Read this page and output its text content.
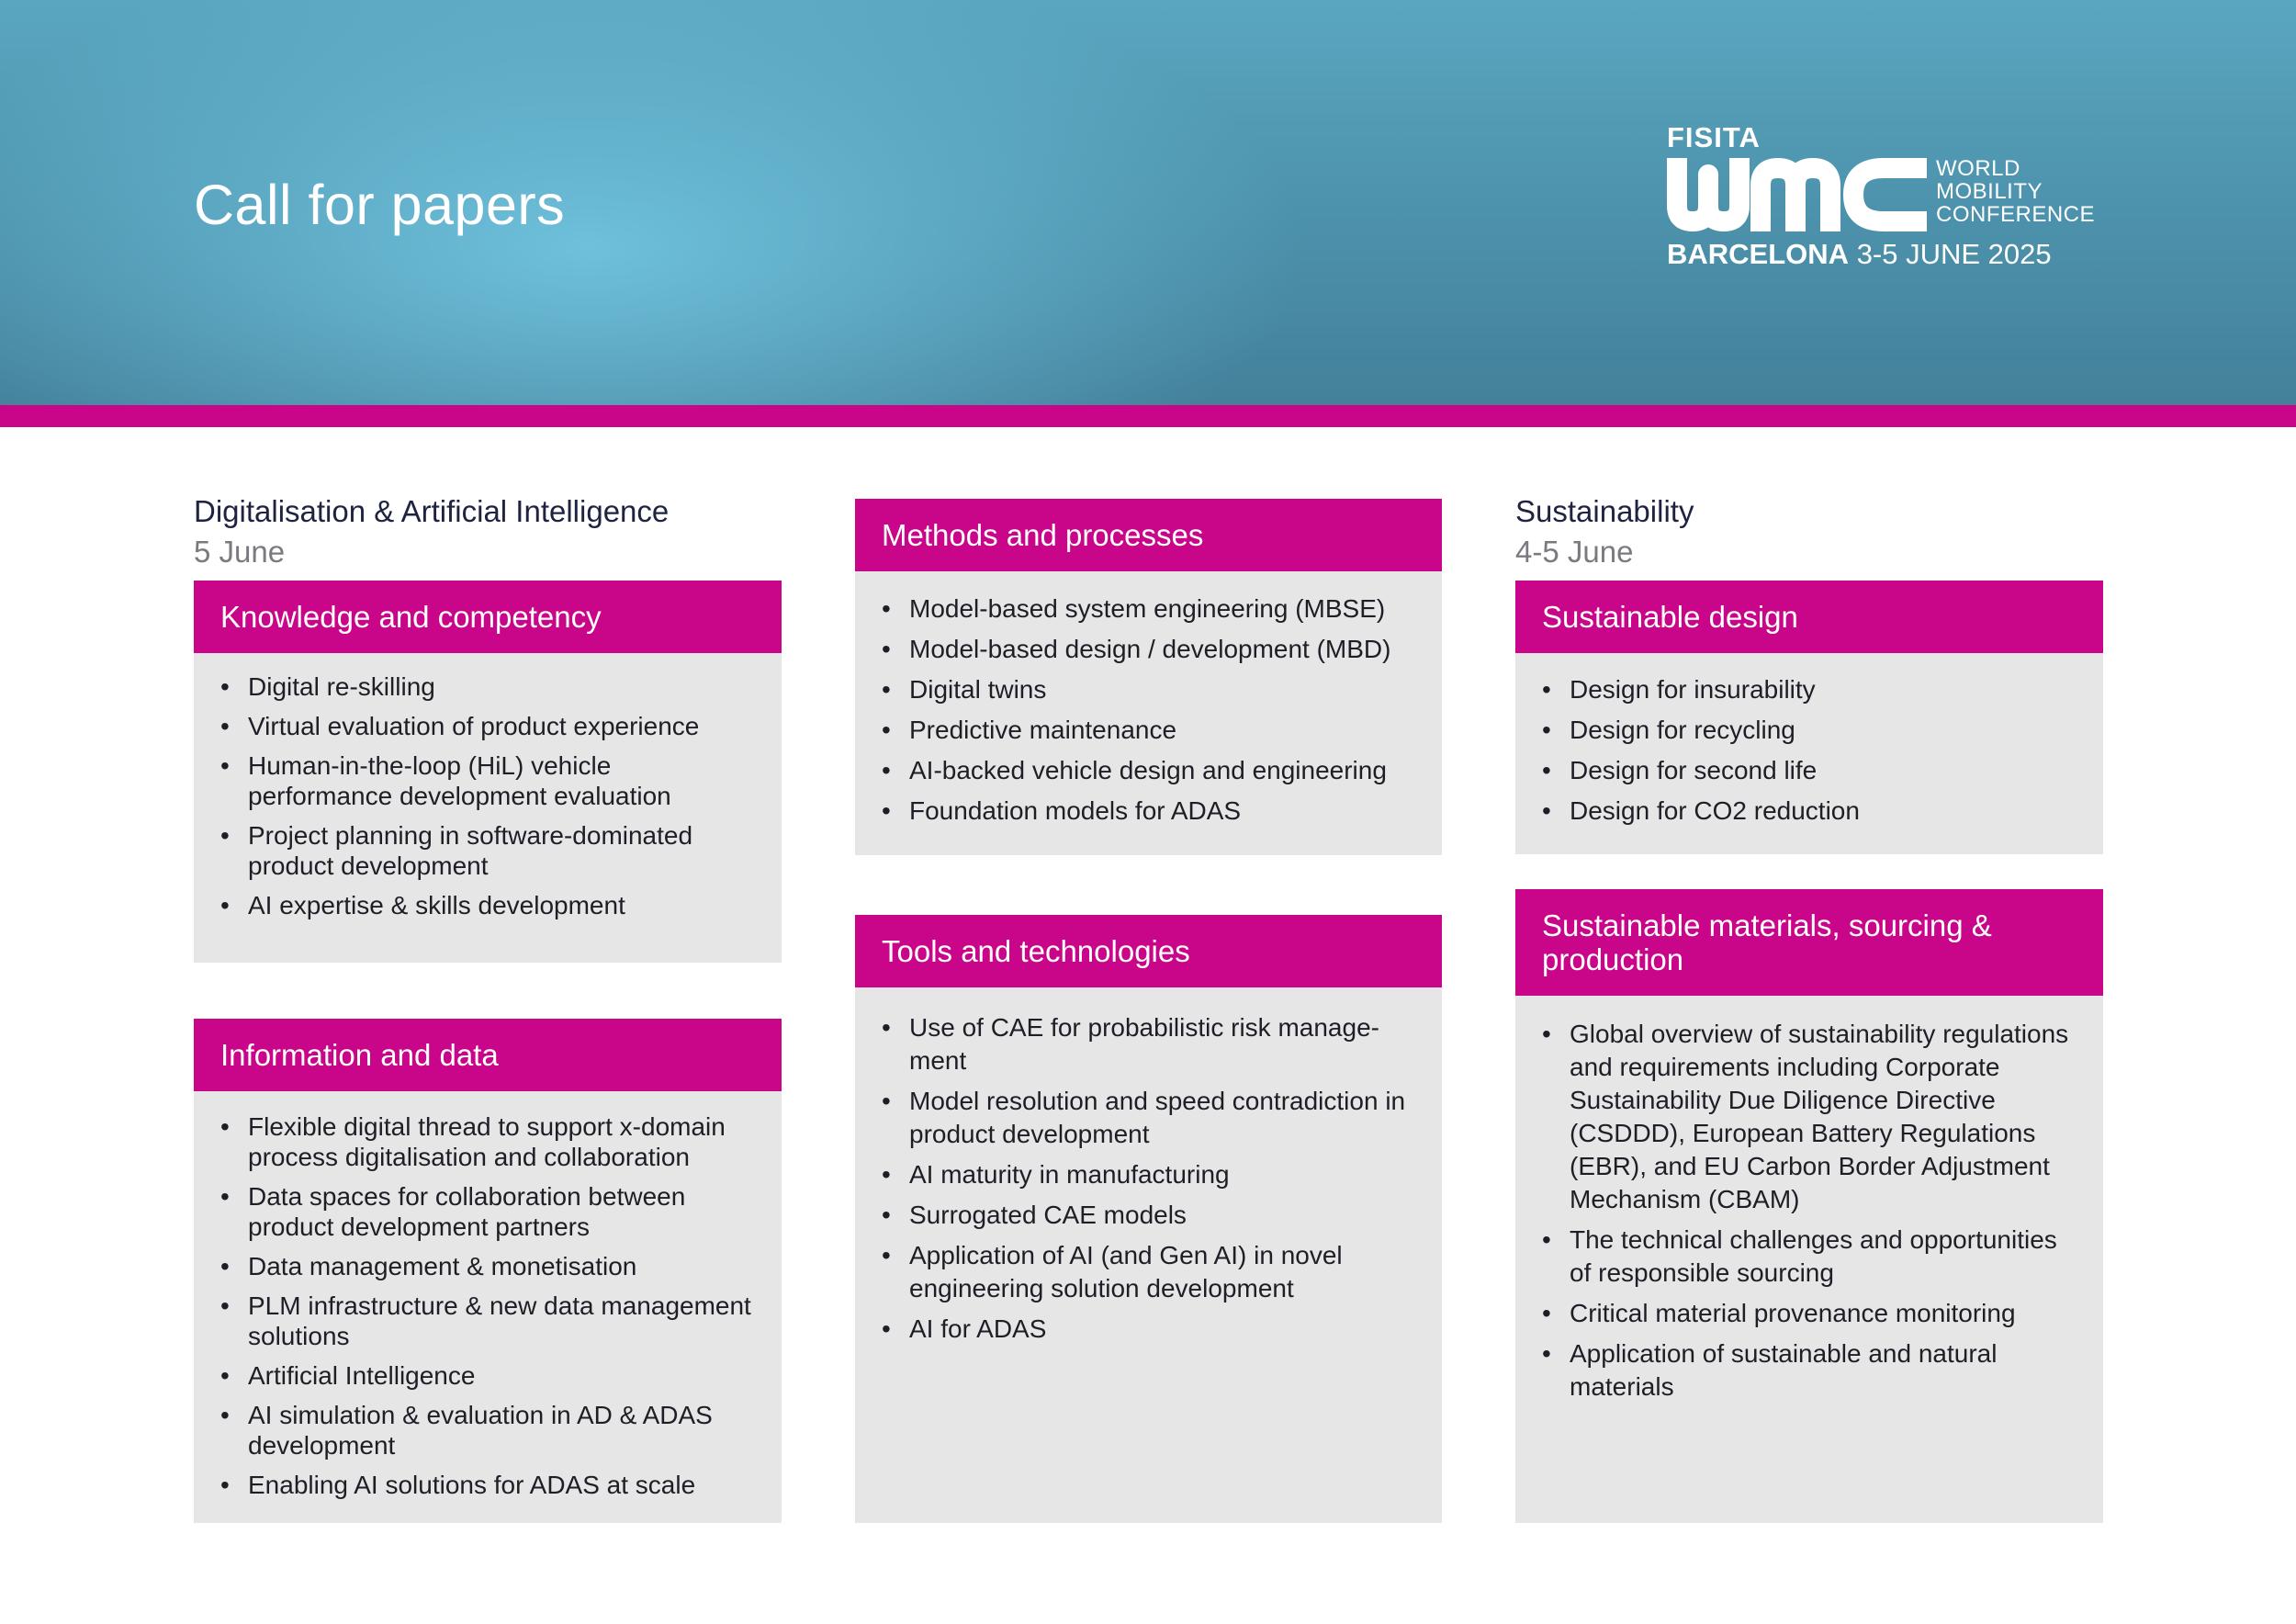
Call for papers
FISITA
WORLD
MOBILITY
CONFERENCE
BARCELONA 3-5 JUNE 2025
Digitalisation & Artificial Intelligence
5 June
Knowledge and competency
• Digital re-skilling
• Virtual evaluation of product experience
• Human-in-the-loop (HiL) vehicle performance development evaluation
• Project planning in software-dominated product development
• AI expertise & skills development
Information and data
• Flexible digital thread to support x-domain process digitalisation and collaboration
• Data spaces for collaboration between product development partners
• Data management & monetisation
• PLM infrastructure & new data management solutions
• Artificial Intelligence
• AI simulation & evaluation in AD & ADAS development
• Enabling AI solutions for ADAS at scale
Methods and processes
• Model-based system engineering (MBSE)
• Model-based design / development (MBD)
• Digital twins
• Predictive maintenance
• AI-backed vehicle design and engineering
• Foundation models for ADAS
Tools and technologies
• Use of CAE for probabilistic risk manage-ment
• Model resolution and speed contradiction in product development
• AI maturity in manufacturing
• Surrogated CAE models
• Application of AI (and Gen AI) in novel engineering solution development
• AI for ADAS
Sustainability
4-5 June
Sustainable design
• Design for insurability
• Design for recycling
• Design for second life
• Design for CO2 reduction
Sustainable materials, sourcing & production
• Global overview of sustainability regulations and requirements including Corporate Sustainability Due Diligence Directive (CSDDD), European Battery Regulations (EBR), and EU Carbon Border Adjustment Mechanism (CBAM)
• The technical challenges and opportunities of responsible sourcing
• Critical material provenance monitoring
• Application of sustainable and natural materials
